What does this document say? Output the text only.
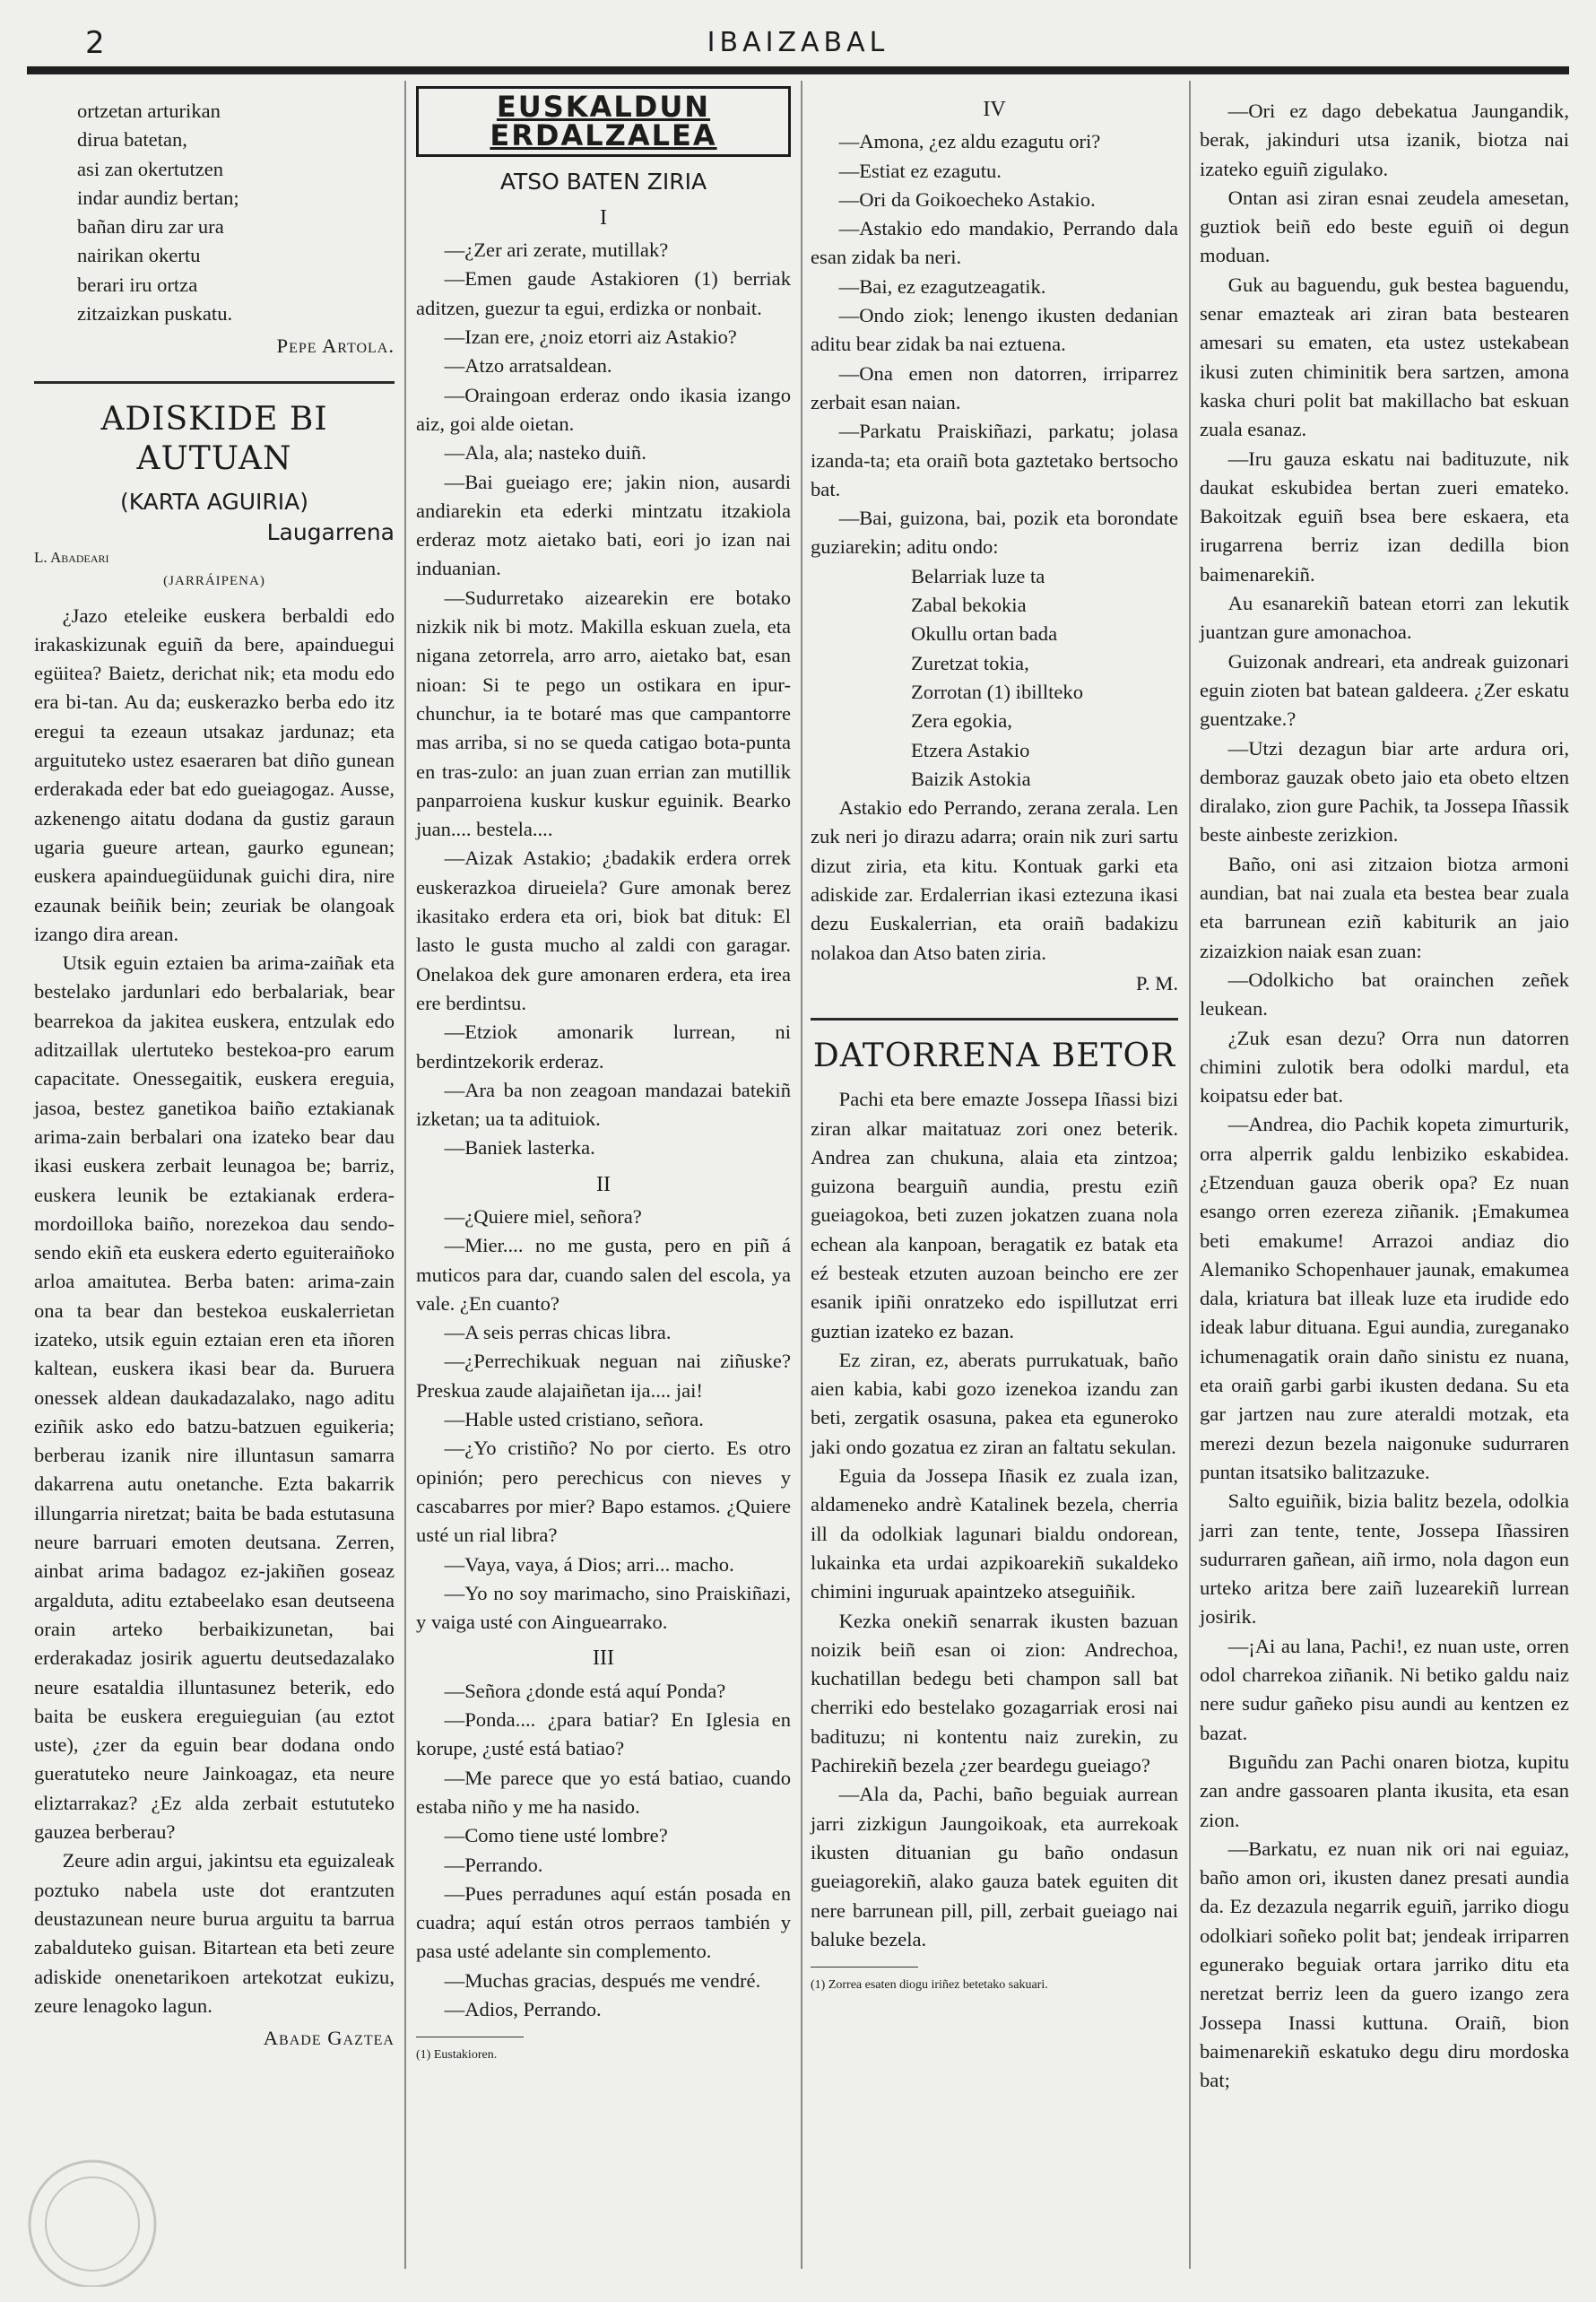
2	IBAIZABAL
ortzetan arturikan
dirua batetan,
asi zan okertutzen
indar aundiz bertan;
bañan diru zar ura
nairikan okertu
berari iru ortza
zitzaizkan puskatu.
Pepe Artola.
ADISKIDE BI AUTUAN
(KARTA AGUIRIA)
Laugarrena
L. Abadeari
(JARRÁIPENA)

¿Jazo eteleike euskera berbaldi edo irakaskizunak eguiñ da bere, apainduegui egüitea? Baietz, derichat nik; eta modu edo era bi-tan. Au da; euskerazko berba edo itz eregui ta ezeaun utsakaz jardunaz; eta arguituteko ustez esaeraren bat diño gunean erderakada eder bat edo gueiagogaz. Ausse, azkenengo aitatu dodana da gustiz garaun ugaria gueure artean, gaurko egunean; euskera apainduegüidunak guichi dira, nire ezaunak beiñik bein; zeuriak be olangoak izango dira arean.

Utsik eguin eztaien ba arima-zaiñak eta bestelako jardunlari edo berbalariak, bear bearrekoa da jakitea euskera, entzulak edo aditzaillak ulertuteko bestekoa-pro earum capacitate. Onessegaitik, euskera ereguia, jasoa, bestez ganetikoa baiño eztakianak arima-zain berbalari ona izateko bear dau ikasi euskera zerbait leunagoa be; barriz, euskera leunik be eztakianak erdera-mordoilloka baiño, norezekoa dau sendo-sendo ekiñ eta euskera ederto eguiteraiñoko arloa amaitutea. Berba baten: arima-zain ona ta bear dan bestekoa euskalerrietan izateko, utsik eguin eztaian eren eta iñoren kaltean, euskera ikasi bear da. Buruera onessek aldean daukadazalako, nago aditu eziñik asko edo batzu-batzuen eguikeria; berberau izanik nire illuntasun samarra dakarrena autu onetanche. Ezta bakarrik illungarria niretzat; baita be bada estutasuna neure barruari emoten deutsana. Zerren, ainbat arima badagoz ez-jakiñen goseaz argalduta, aditu eztabeelako esan deutseena orain arteko berbaikizunetan, bai erderakadaz josirik aguertu deutsedazalako neure esataldia illuntasunez beterik, edo baita be euskera ereguieguian (au eztot uste), ¿zer da eguin bear dodana ondo gueratuteko neure Jainkoagaz, eta neure eliztarrakaz? ¿Ez alda zerbait estututeko gauzea berberau?

Zeure adin argui, jakintsu eta eguizaleak poztuko nabela uste dot erantzuten deustazunean neure burua arguitu ta barrua zabalduteko guisan. Bitartean eta beti zeure adiskide onenetarikoen artekotzat eukizu, zeure lenagoko lagun.

Abade Gaztea
EUSKALDUN ERDALZALEA
ATSO BATEN ZIRIA
I

—¿Zer ari zerate, mutillak?

—Emen gaude Astakioren (1) berriak aditzen, guezur ta egui, erdizka or nonbait.

—Izan ere, ¿noiz etorri aiz Astakio?

—Atzo arratsaldean.

—Oraingoan erderaz ondo ikasia izango aiz, goi alde oietan.

—Ala, ala; nasteko duiñ.

—Bai gueiago ere; jakin nion, ausardi andiarekin eta ederki mintzatu itzakiola erderaz motz aietako bati, eori jo izan nai induanian.

—Sudurretako aizearekin ere botako nizkik nik bi motz. Makilla eskuan zuela, eta nigana zetorrela, arro arro, aietako bat, esan nioan: Si te pego un ostikara en ipur-chunchur, ia te botaré mas que campantorre mas arriba, si no se queda catigao bota-punta en tras-zulo: an juan zuan errian zan mutillik panparroiena kuskur kuskur eguinik. Bearko juan.... bestela....

—Aizak Astakio; ¿badakik erdera orrek euskerazkoa dirueiela? Gure amonak berez ikasitako erdera eta ori, biok bat dituk: El lasto le gusta mucho al zaldi con garagar. Onelakoa dek gure amonaren erdera, eta irea ere berdintsu.

—Etziok amonarik lurrean, ni berdintzekorik erderaz.

—Ara ba non zeagoan mandazai batekiñ izketan; ua ta adituiok.

—Baniek lasterka.

II

—¿Quiere miel, señora?

—Mier.... no me gusta, pero en piñ á muticos para dar, cuando salen del escola, ya vale. ¿En cuanto?

—A seis perras chicas libra.

—¿Perrechikuak neguan nai ziñuske? Preskua zaude alajaiñetan ija.... jai!

—Hable usted cristiano, señora.

—¿Yo cristiño? No por cierto. Es otro opinión; pero perechicus con nieves y cascabarres por mier? Bapo estamos. ¿Quiere usté un rial libra?

—Vaya, vaya, á Dios; arri... macho.

—Yo no soy marimacho, sino Praiskiñazi, y vaiga usté con Ainguearrako.

III

—Señora ¿donde está aquí Ponda?

—Ponda.... ¿para batiar? En Iglesia en korupe, ¿usté está batiao?

—Me parece que yo está batiao, cuando estaba niño y me ha nasido.

—Como tiene usté lombre?

—Perrando.

—Pues perradunes aquí están posada en cuadra; aquí están otros perraos también y pasa usté adelante sin complemento.

—Muchas gracias, después me vendré.

—Adios, Perrando.

(1) Eustakioren.
IV

—Amona, ¿ez aldu ezagutu ori?

—Estiat ez ezagutu.

—Ori da Goikoecheko Astakio.

—Astakio edo mandakio, Perrando dala esan zidak ba neri.

—Bai, ez ezagutzeagatik.

—Ondo ziok; lenengo ikusten dedanian aditu bear zidak ba nai eztuena.

—Ona emen non datorren, irriparrez zerbait esan naian.

—Parkatu Praiskiñazi, parkatu; jolasa izanda-ta; eta oraiñ bota gaztetako bertsocho bat.

—Bai, guizona, bai, pozik eta borondate guziarekin; aditu ondo:

Belarriak luze ta
Zabal bekokia
Okullu ortan bada
Zuretzat tokia,
Zorrotan (1) ibillteko
Zera egokia,
Etzera Astakio
Baizik Astokia

Astakio edo Perrando, zerana zerala. Len zuk neri jo dirazu adarra; orain nik zuri sartu dizut ziria, eta kitu. Kontuak garki eta adiskide zar. Erdalerrian ikasi eztezuna ikasi dezu Euskalerrian, eta oraiñ badakizu nolakoa dan Atso baten ziria.

P. M.
DATORRENA BETOR

Pachi eta bere emazte Jossepa Iñassi bizi ziran alkar maitatuaz zori onez beterik. Andrea zan chukuna, alaia eta zintzoa; guizona bearguiñ aundia, prestu eziñ gueiagokoa, beti zuzen jokatzen zuana nola echean ala kanpoan, beragatik ez batak eta eź besteak etzuten auzoan beincho ere zer esanik ipiñi onratzeko edo ispillutzat erri guztian izateko ez bazan.

Ez ziran, ez, aberats purrukatuak, baño aien kabia, kabi gozo izenekoa izandu zan beti, zergatik osasuna, pakea eta eguneroko jaki ondo gozatua ez ziran an faltatu sekulan.

Eguia da Jossepa Iñasik ez zuala izan, aldameneko andrè Katalinek bezela, cherria ill da odolkiak lagunari bialdu ondorean, lukainka eta urdai azpikoarekiñ sukaldeko chimini inguruak apaintzeko atseguiñik.

Kezka onekiñ senarrak ikusten bazuan noizik beiñ esan oi zion: Andrechoa, kuchatillan bedegu beti champon sall bat cherriki edo bestelako gozagarriak erosi nai badituzu; ni kontentu naiz zurekin, zu Pachirekiñ bezela ¿zer beardegu gueiago?

—Ala da, Pachi, baño beguiak aurrean jarri zizkigun Jaungoikoak, eta aurrekoak ikusten dituanian gu baño ondasun gueiagorekiñ, alako gauza batek eguiten dit nere barrunean pill, pill, zerbait gueiago nai baluke bezela.

(1) Zorrea esaten diogu iriñez betetako sakuari.

—Ori ez dago debekatua Jaungandik, berak, jakinduri utsa izanik, biotza nai izateko eguiñ zigulako.

Ontan asi ziran esnai zeudela amesetan, guztiok beiñ edo beste eguiñ oi degun moduan.

Guk au baguendu, guk bestea baguendu, senar emazteak ari ziran bata bestearen amesari su ematen, eta ustez ustekabean ikusi zuten chiminitik bera sartzen, amona kaska churi polit bat makillacho bat eskuan zuala esanaz.

—Iru gauza eskatu nai badituzute, nik daukat eskubidea bertan zueri emateko. Bakoitzak eguiñ bsea bere eskaera, eta irugarrena berriz izan dedilla bion baimenarekiñ.

Au esanarekiñ batean etorri zan lekutik juantzan gure amonachoa.

Guizonak andreari, eta andreak guizonari eguin zioten bat batean galdeera. ¿Zer eskatu guentzake.?

—Utzi dezagun biar arte ardura ori, demboraz gauzak obeto jaio eta obeto eltzen diralako, zion gure Pachik, ta Jossepa Iñassik beste ainbeste zerizkion.

Baño, oni asi zitzaion biotza armoni aundian, bat nai zuala eta besteа bear zuala eta barrunean eziñ kabiturik an jaio zizaizkion naiak esan zuan:

—Odolkicho bat orainchen zeñek leukean.

¿Zuk esan dezu? Orra nun datorren chimini zulotik bera odolki mardul, eta koipatsu eder bat.

—Andrea, dio Pachik kopeta zimurturik, orra alperrik galdu lenbiziko eskabidea. ¿Etzenduan gauza oberik opa? Ez nuan esango orren ezereza ziñanik. ¡Emakumea beti emakume! Arrazoi andiaz dio Alemaniko Schopenhauer jaunak, emakumea dala, kriatura bat illeak luze eta irudide edo ideak labur dituana. Egui aundia, zureganako ichumenagatik orain daño sinistu ez nuana, eta oraiñ garbi garbi ikusten dedana. Su eta gar jartzen nau zure ateraldi motzak, eta merezi dezun bezela naigonuke sudurraren puntan itsatsiko balitzazuke.

Salto eguiñik, bizia balitz bezela, odolkia jarri zan tente, tente, Jossepa Iñassiren sudurraren gañean, aiñ irmo, nola dagon eun urteko aritza bere zaiñ luzearekiñ lurrean josirik.

—¡Ai au lana, Pachi!, ez nuan uste, orren odol charrekoa ziñanik. Ni betiko galdu naiz nere sudur gañeko pisu aundi au kentzen ez bazat.

Bıguñdu zan Pachi onaren biotza, kupitu zan andre gassoaren planta ikusita, eta esan zion.

—Barkatu, ez nuan nik ori nai eguiaz, baño amon ori, ikusten danez presati aundia da. Ez dezazula negarrik eguiñ, jarriko diogu odolkiari soñeko polit bat; jendeak irriparren egunerako beguiak ortara jarriko ditu eta neretzat berriz leen da guero izango zera Jossepa Inassi kuttuna. Oraiñ, bion baimenarekiñ eskatuko degu diru mordoska bat;
